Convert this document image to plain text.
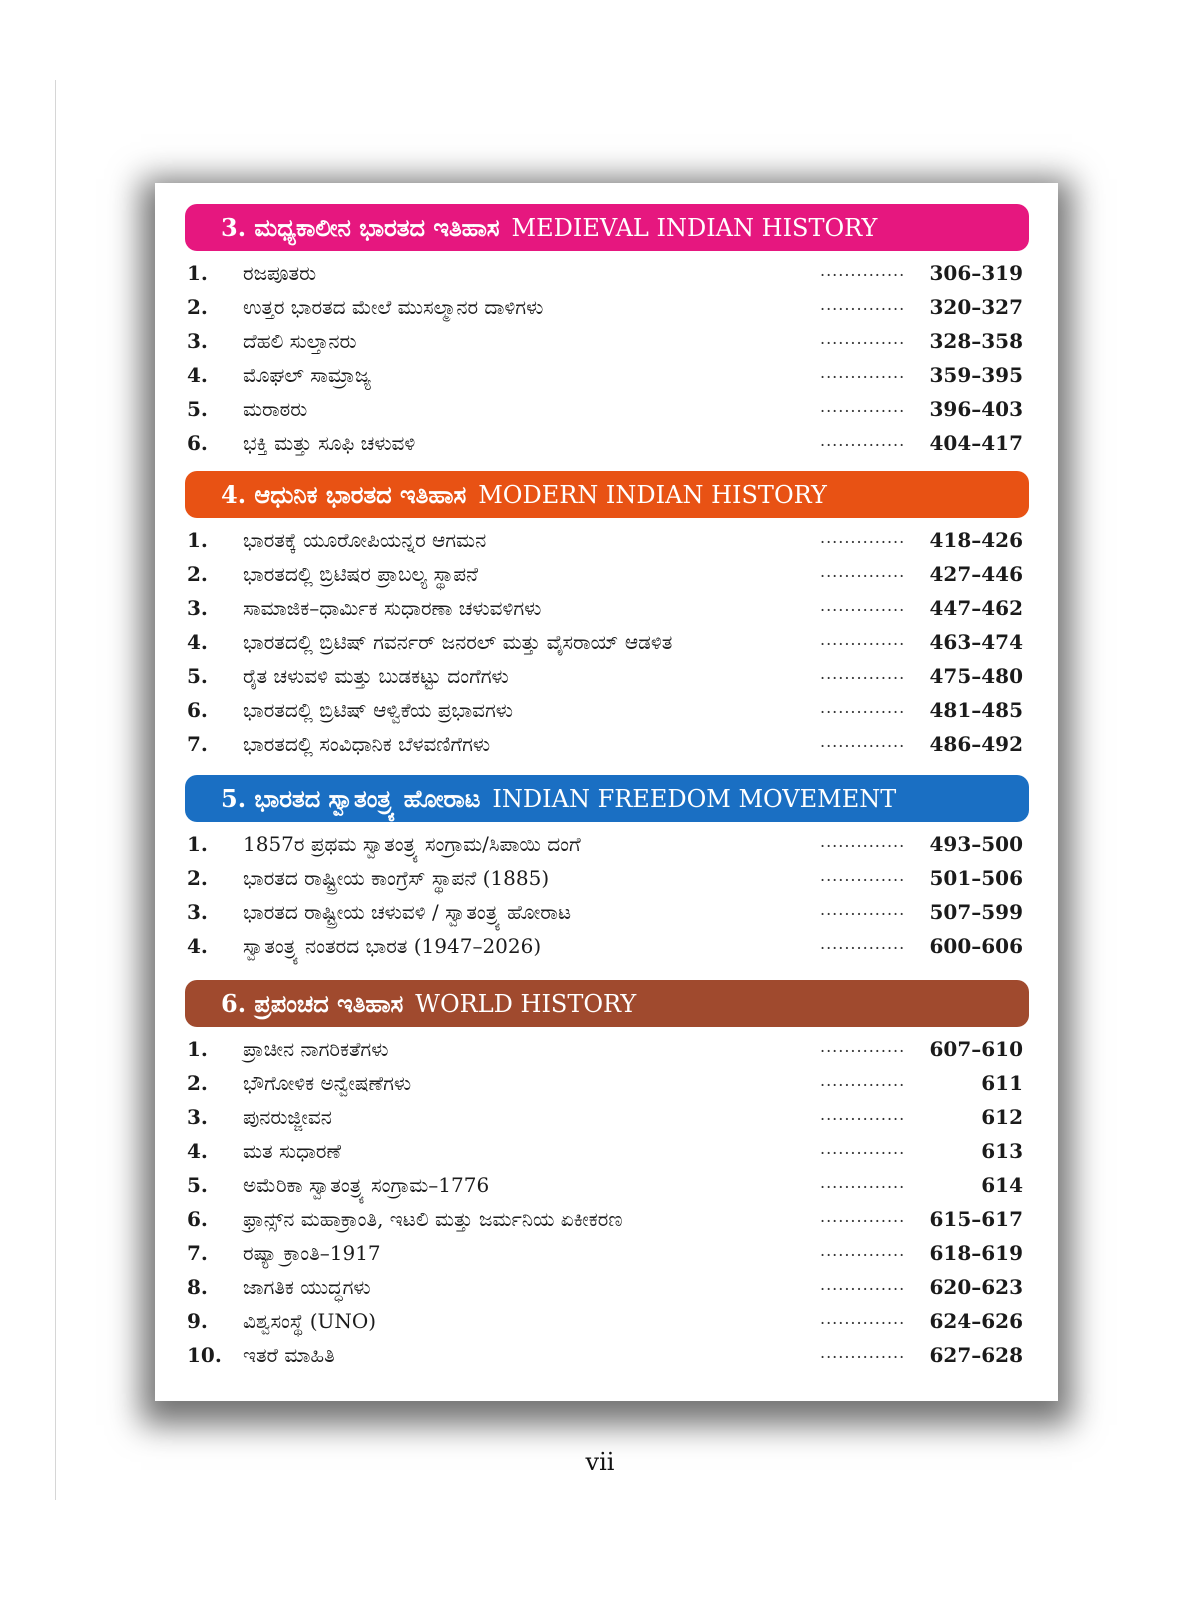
3. ಮಧ್ಯಕಾಲೀನ ಭಾರತದ ಇತಿಹಾಸ MEDIEVAL INDIAN HISTORY
1. ರಜಪೂತರು	.............. 306–319
2. ಉತ್ತರ ಭಾರತದ ಮೇಲೆ ಮುಸಲ್ಮಾನರ ದಾಳಿಗಳು	.............. 320–327
3. ದೆಹಲಿ ಸುಲ್ತಾನರು	.............. 328–358
4. ಮೊಘಲ್ ಸಾಮ್ರಾಜ್ಯ	.............. 359–395
5. ಮರಾಠರು	.............. 396–403
6. ಭಕ್ತಿ ಮತ್ತು ಸೂಫಿ ಚಳುವಳಿ	.............. 404–417
4. ಆಧುನಿಕ ಭಾರತದ ಇತಿಹಾಸ MODERN INDIAN HISTORY
1. ಭಾರತಕ್ಕೆ ಯೂರೋಪಿಯನ್ನರ ಆಗಮನ	.............. 418–426
2. ಭಾರತದಲ್ಲಿ ಬ್ರಿಟಿಷರ ಪ್ರಾಬಲ್ಯ ಸ್ಥಾಪನೆ	.............. 427–446
3. ಸಾಮಾಜಿಕ–ಧಾರ್ಮಿಕ ಸುಧಾರಣಾ ಚಳುವಳಿಗಳು	.............. 447–462
4. ಭಾರತದಲ್ಲಿ ಬ್ರಿಟಿಷ್ ಗವರ್ನರ್ ಜನರಲ್ ಮತ್ತು ವೈಸರಾಯ್ ಆಡಳಿತ	.............. 463–474
5. ರೈತ ಚಳುವಳಿ ಮತ್ತು ಬುಡಕಟ್ಟು ದಂಗೆಗಳು	.............. 475–480
6. ಭಾರತದಲ್ಲಿ ಬ್ರಿಟಿಷ್ ಆಳ್ವಿಕೆಯ ಪ್ರಭಾವಗಳು	.............. 481–485
7. ಭಾರತದಲ್ಲಿ ಸಂವಿಧಾನಿಕ ಬೆಳವಣಿಗೆಗಳು	.............. 486–492
5. ಭಾರತದ ಸ್ವಾತಂತ್ರ್ಯ ಹೋರಾಟ INDIAN FREEDOM MOVEMENT
1. 1857ರ ಪ್ರಥಮ ಸ್ವಾತಂತ್ರ್ಯ ಸಂಗ್ರಾಮ/ಸಿಪಾಯಿ ದಂಗೆ	.............. 493–500
2. ಭಾರತದ ರಾಷ್ಟ್ರೀಯ ಕಾಂಗ್ರೆಸ್ ಸ್ಥಾಪನೆ (1885)	.............. 501–506
3. ಭಾರತದ ರಾಷ್ಟ್ರೀಯ ಚಳುವಳಿ / ಸ್ವಾತಂತ್ರ್ಯ ಹೋರಾಟ	.............. 507–599
4. ಸ್ವಾತಂತ್ರ್ಯ ನಂತರದ ಭಾರತ (1947–2026)	.............. 600–606
6. ಪ್ರಪಂಚದ ಇತಿಹಾಸ WORLD HISTORY
1. ಪ್ರಾಚೀನ ನಾಗರಿಕತೆಗಳು	.............. 607–610
2. ಭೌಗೋಳಿಕ ಅನ್ವೇಷಣೆಗಳು	..............	611
3. ಪುನರುಜ್ಜೀವನ	..............	612
4. ಮತ ಸುಧಾರಣೆ	..............	613
5. ಅಮೆರಿಕಾ ಸ್ವಾತಂತ್ರ್ಯ ಸಂಗ್ರಾಮ–1776	..............	614
6. ಫ್ರಾನ್ಸ್‌ನ ಮಹಾಕ್ರಾಂತಿ, ಇಟಲಿ ಮತ್ತು ಜರ್ಮನಿಯ ಏಕೀಕರಣ	.............. 615–617
7. ರಷ್ಯಾ ಕ್ರಾಂತಿ–1917	.............. 618–619
8. ಜಾಗತಿಕ ಯುದ್ಧಗಳು	.............. 620–623
9. ವಿಶ್ವಸಂಸ್ಥೆ (UNO)	.............. 624–626
10. ಇತರೆ ಮಾಹಿತಿ	.............. 627–628
vii
